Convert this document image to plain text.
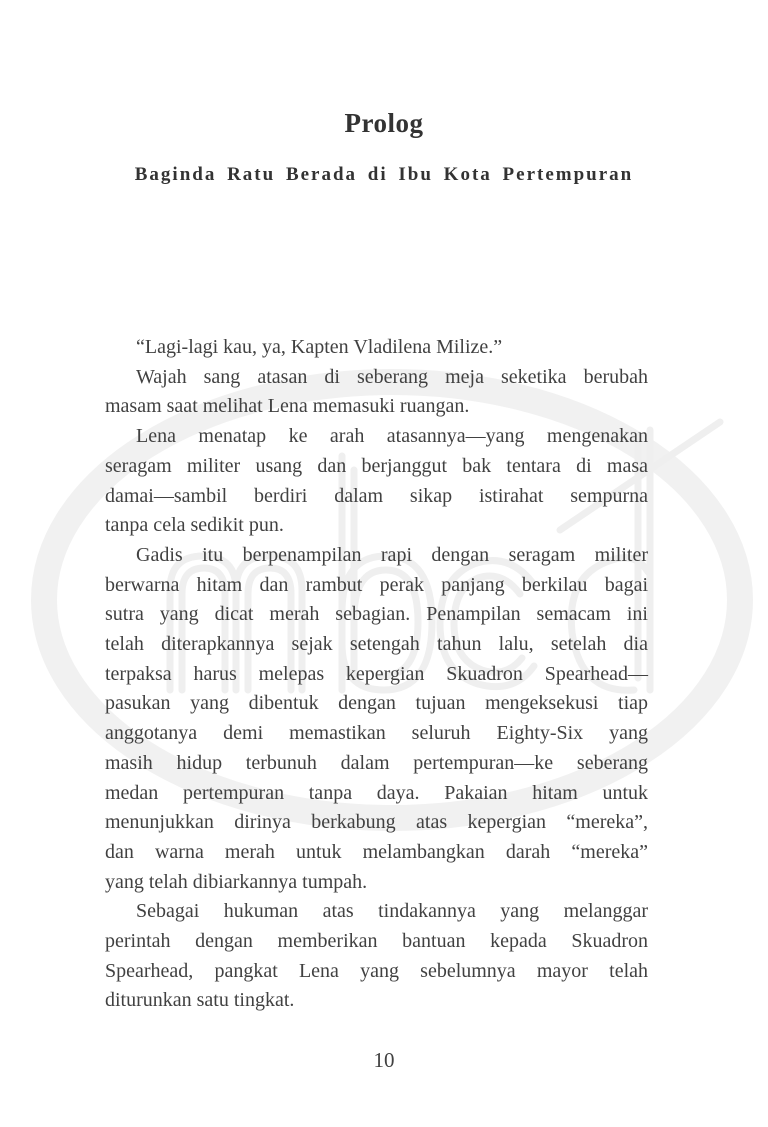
Prolog
Baginda Ratu Berada di Ibu Kota Pertempuran
“Lagi-lagi kau, ya, Kapten Vladilena Milize.”
Wajah sang atasan di seberang meja seketika berubah
masam saat melihat Lena memasuki ruangan.
Lena menatap ke arah atasannya—yang mengenakan
seragam militer usang dan berjanggut bak tentara di masa
damai—sambil berdiri dalam sikap istirahat sempurna
tanpa cela sedikit pun.
Gadis itu berpenampilan rapi dengan seragam militer
berwarna hitam dan rambut perak panjang berkilau bagai
sutra yang dicat merah sebagian. Penampilan semacam ini
telah diterapkannya sejak setengah tahun lalu, setelah dia
terpaksa harus melepas kepergian Skuadron Spearhead—
pasukan yang dibentuk dengan tujuan mengeksekusi tiap
anggotanya demi memastikan seluruh Eighty-Six yang
masih hidup terbunuh dalam pertempuran—ke seberang
medan pertempuran tanpa daya. Pakaian hitam untuk
menunjukkan dirinya berkabung atas kepergian “mereka”,
dan warna merah untuk melambangkan darah “mereka”
yang telah dibiarkannya tumpah.
Sebagai hukuman atas tindakannya yang melanggar
perintah dengan memberikan bantuan kepada Skuadron
Spearhead, pangkat Lena yang sebelumnya mayor telah
diturunkan satu tingkat.
10
